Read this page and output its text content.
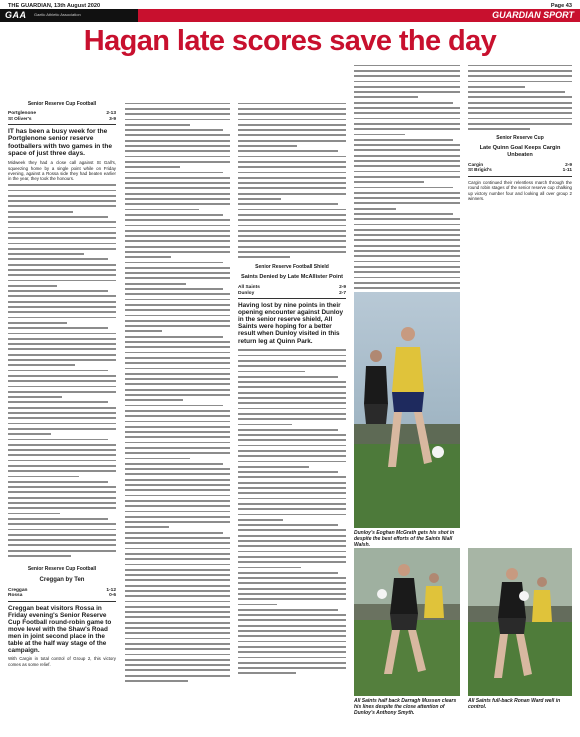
THE GUARDIAN, 13th August 2020	Page 43
GAA Gaelic Athletic Association	GUARDIAN SPORT
Hagan late scores save the day
Senior Reserve Cup Football
Portglenone	2-13
St Oliver's	3-9
IT has been a busy week for the Portglenone senior reserve footballers with two games in the space of just three days.
Midweek they had a close call against St Gall's, squeezing home by a single point while on Friday evening, against a Rossa side they had beaten earlier in the year, they took the honours.
Senior Reserve Cup Football
Creggan by Ten
Creggan	1-12
Rossa	0-6
Creggan beat visitors Rossa in Friday evening's Senior Reserve Cup Football round-robin game to move level with the Shaw's Road men in joint second place in the table at the half way stage of the campaign.
With Cargin in total control of Group 2, this victory comes as some relief.
Senior Reserve Football Shield
Saints Denied by Late McAllister Point
All Saints	2-9
Dunloy	2-7
Having lost by nine points in their opening encounter against Dunloy in the senior reserve shield, All Saints were hoping for a better result when Dunloy visited in this return leg at Quinn Park.
Senior Reserve Cup
Late Quinn Goal Keeps Cargin Unbeaten
Cargin	2-9
St Brigid's	1-11
Cargin continued their relentless march through the round robin stages of the senior reserve cup chalking up victory number four and looking all over group 2 winners.
Dunloy's Eoghan McGrath gets his shot in despite the best efforts of the Saints Niall Walsh.
All Saints half back Darragh Mussen clears his lines despite the close attention of Dunloy's Anthony Smyth.
All Saints full-back Ronan Ward well in control.
